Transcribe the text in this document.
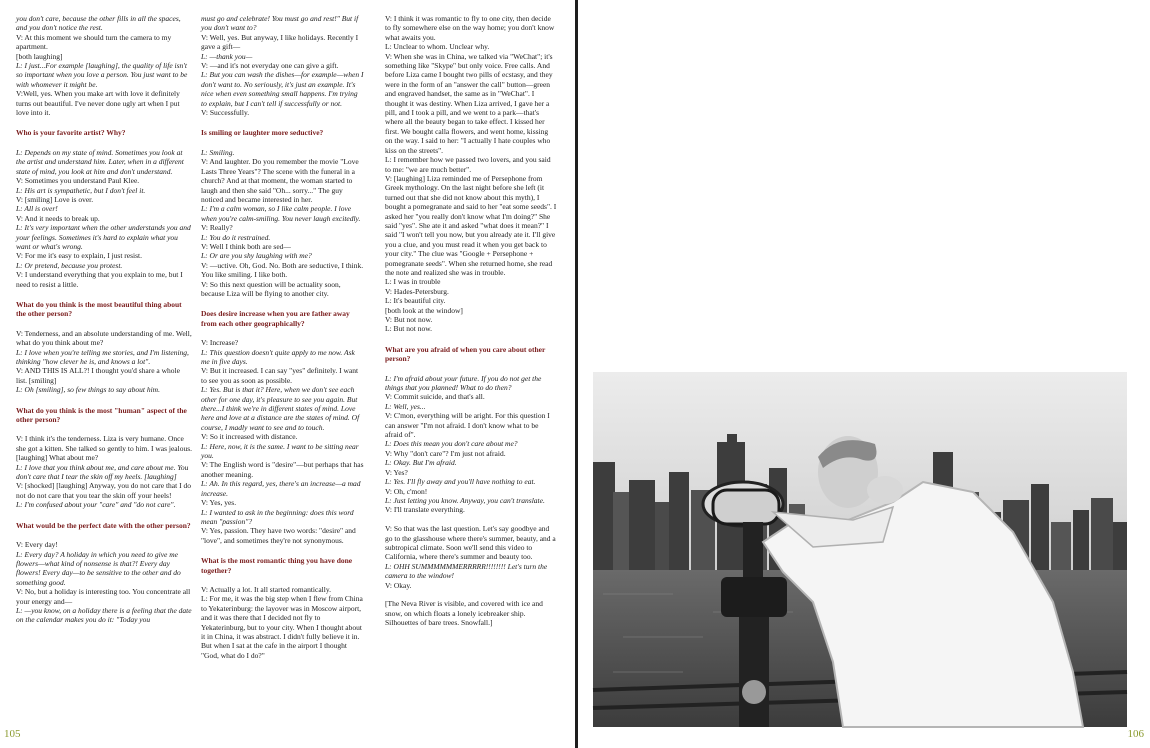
you don't care, because the other fills in all the spaces, and you don't notice the rest.

V: At this moment we should turn the camera to my apartment.

[both laughing]

L: I just...For example [laughing], the quality of life isn't so important when you love a person. You just want to be with whomever it might be.

V:Well, yes. When you make art with love it definitely turns out beautiful. I've never done ugly art when I put love into it.

Who is your favorite artist? Why?

L: Depends on my state of mind. Sometimes you look at the artist and understand him. Later, when in a different state of mind, you look at him and don't understand.

V: Sometimes you understand Paul Klee.

L: His art is sympathetic, but I don't feel it.

V: [smiling] Love is over.

L: All is over!

V: And it needs to break up.

L: It's very important when the other understands you and your feelings. Sometimes it's hard to explain what you want or what's wrong.

V: For me it's easy to explain, I just resist.

L: Or pretend, because you protest.

V: I understand everything that you explain to me, but I need to resist a little.

What do you think is the most beautiful thing about the other person?

V: Tenderness, and an absolute understanding of me. Well, what do you think about me?

L: I love when you're telling me stories, and I'm listening, thinking "how clever he is, and knows a lot".

V: AND THIS IS ALL?! I thought you'd share a whole list. [smiling]

L: Oh [smiling], so few things to say about him.

What do you think is the most "human" aspect of the other person?

V: I think it's the tenderness. Liza is very humane. Once she got a kitten. She talked so gently to him. I was jealous. [laughing] What about me?

L: I love that you think about me, and care about me. You don't care that I tear the skin off my heels. [laughing]

V: [shocked] [laughing] Anyway, you do not care that I do not do not care that you tear the skin off your heels!

L: I'm confused about your "care" and "do not care".

What would be the perfect date with the other person?

V: Every day!

L: Every day? A holiday in which you need to give me flowers—what kind of nonsense is that?! Every day flowers! Every day—to be sensitive to the other and do something good.

V: No, but a holiday is interesting too. You concentrate all your energy and—

L: —you know, on a holiday there is a feeling that the date on the calendar makes you do it: "Today you

must go and celebrate! You must go and rest!" But if you don't want to?

V: Well, yes. But anyway, I like holidays. Recently I gave a gift—

L: —thank you—

V: —and it's not everyday one can give a gift.

L: But you can wash the dishes—for example—when I don't want to. No seriously, it's just an example. It's nice when even something small happens. I'm trying to explain, but I can't tell if successfully or not.

V: Successfully.

Is smiling or laughter more seductive?

L: Smiling.

V: And laughter. Do you remember the movie "Love Lasts Three Years"? The scene with the funeral in a church? And at that moment, the woman started to laugh and then she said "Oh... sorry..." The guy noticed and became interested in her.

L: I'm a calm woman, so I like calm people. I love when you're calm-smiling. You never laugh excitedly.

V: Really?

L: You do it restrained.

V: Well I think both are sed—

L: Or are you shy laughing with me?

V: —uctive. Oh, God. No. Both are seductive, I think. You like smiling. I like both.

V: So this next question will be actuality soon, because Liza will be flying to another city.

Does desire increase when you are father away from each other geographically?

V: Increase?

L: This question doesn't quite apply to me now. Ask me in five days.

V: But it increased. I can say "yes" definitely. I want to see you as soon as possible.

L: Yes. But is that it? Here, when we don't see each other for one day, it's pleasure to see you again. But there...I think we're in different states of mind. Love here and love at a distance are the states of mind. Of course, I madly want to see and to touch.

V: So it increased with distance.

L: Here, now, it is the same. I want to be sitting near you.

V: The English word is "desire"—but perhaps that has another meaning.

L: Ah. In this regard, yes, there's an increase—a mad increase.

V: Yes, yes.

L: I wanted to ask in the beginning: does this word mean "passion"?

V: Yes, passion. They have two words: "desire" and "love", and sometimes they're not synonymous.

What is the most romantic thing you have done together?

V: Actually a lot. It all started romantically.

L: For me, it was the big step when I flew from China to Yekaterinburg: the layover was in Moscow airport, and it was there that I decided not fly to Yekaterinburg, but to your city. When I thought about it in China, it was abstract. I didn't fully believe it in. But when I sat at the cafe in the airport I thought "God, what do I do?"

105

V: I think it was romantic to fly to one city, then decide to fly somewhere else on the way home; you don't know what awaits you.

L: Unclear to whom. Unclear why.

V: When she was in China, we talked via "WeChat"; it's something like "Skype" but only voice. Free calls. And before Liza came I bought two pills of ecstasy, and they were in the form of an "answer the call" button—green and engraved handset, the same as in "WeChat". I thought it was destiny. When Liza arrived, I gave her a pill, and I took a pill, and we went to a park—that's where all the beauty began to take effect. I kissed her first. We bought calla flowers, and went home, kissing on the way. I said to her: "I actually I hate couples who kiss on the streets".

L: I remember how we passed two lovers, and you said to me: "we are much better".

V: [laughing] Liza reminded me of Persephone from Greek mythology. On the last night before she left (it turned out that she did not know about this myth), I bought a pomegranate and said to her "eat some seeds". I asked her "you really don't know what I'm doing?" She said "yes". She ate it and asked "what does it mean?" I said "I won't tell you now, but you already ate it. I'll give you a clue, and you must read it when you get back to your city." The clue was "Google + Persephone + pomegranate seeds". When she returned home, she read the note and realized she was in trouble.

L: I was in trouble

V: Hades-Petersburg.

L: It's beautiful city.

[both look at the window]

V: But not now.

L: But not now.

What are you afraid of when you care about other person?

L: I'm afraid about your future. If you do not get the things that you planned! What to do then?

V: Commit suicide, and that's all.

L: Well, yes...

V: C'mon, everything will be aright. For this question I can answer "I'm not afraid. I don't know what to be afraid of".

L: Does this mean you don't care about me?

V: Why "don't care"? I'm just not afraid.

L: Okay. But I'm afraid.

V: Yes?

L: Yes. I'll fly away and you'll have nothing to eat.

V: Oh, c'mon!

L: Just letting you know. Anyway, you can't translate.

V: I'll translate everything.

V: So that was the last question. Let's say goodbye and go to the glasshouse where there's summer, beauty, and a subtropical climate. Soon we'll send this video to California, where there's summer and beauty too.

L: OHH SUMMMMMMERRRRR!!!!!!!! Let's turn the camera to the window!

V: Okay.

[The Neva River is visible, and covered with ice and snow, on which floats a lonely icebreaker ship. Silhouettes of bare trees. Snowfall.]

106
